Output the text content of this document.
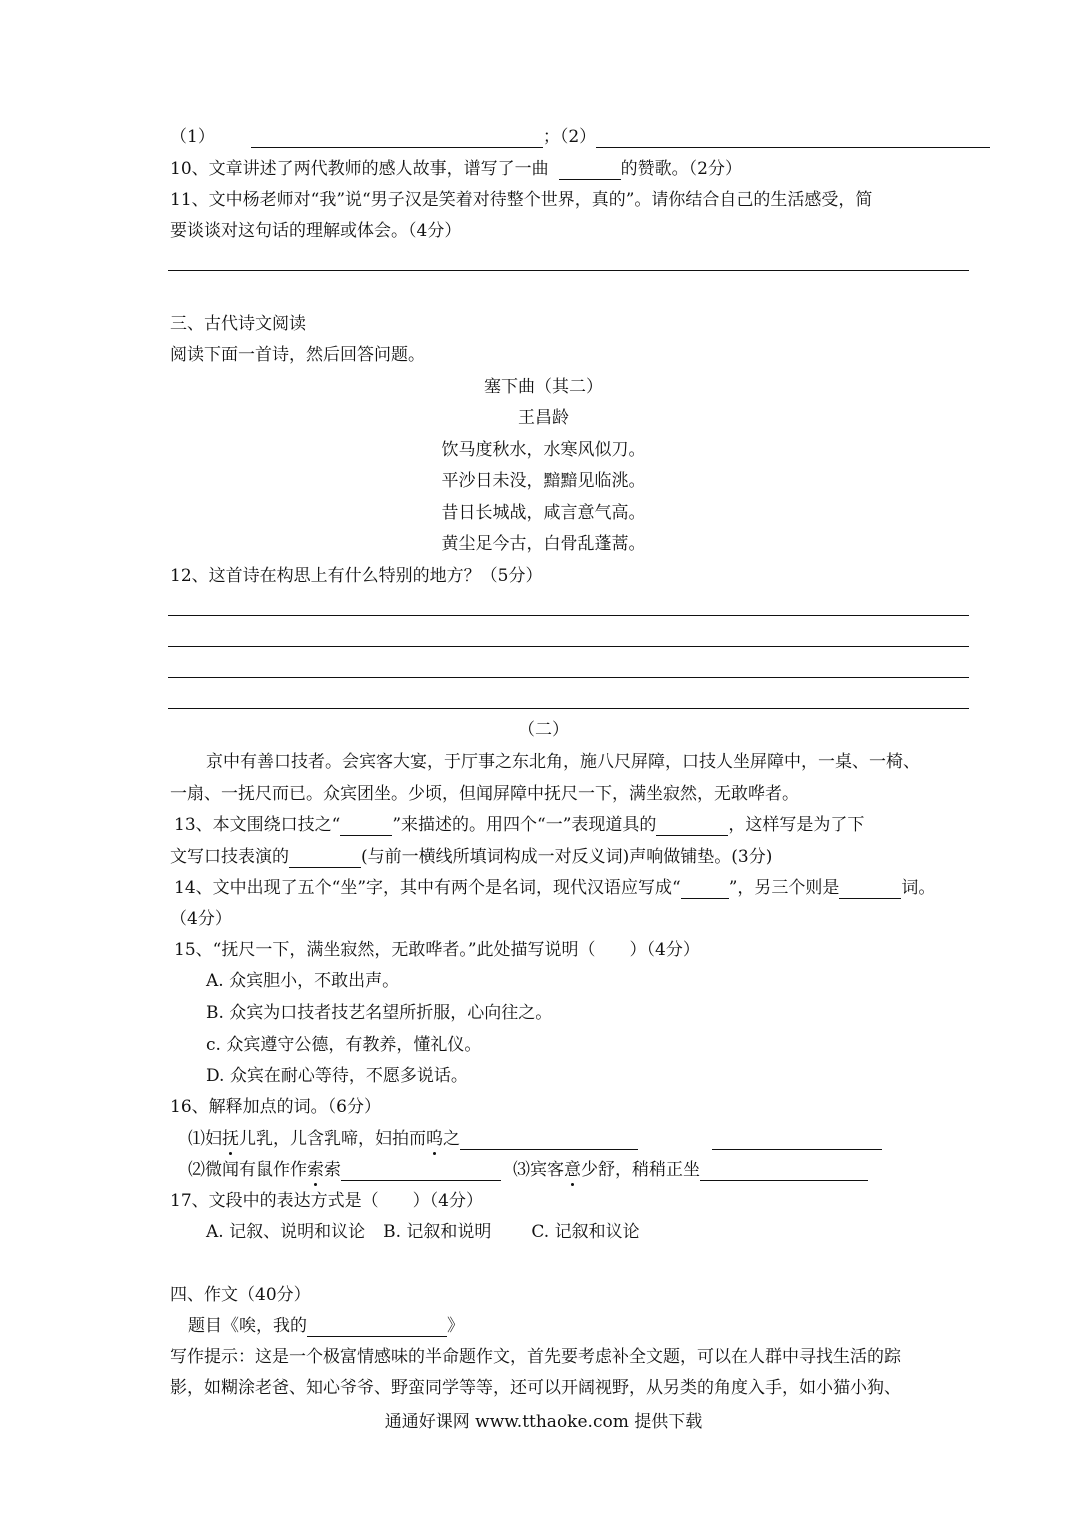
（1）	；（2）
10、文章讲述了两代教师的感人故事，谱写了一曲	的赞歌。（2分）
11、文中杨老师对“我”说“男子汉是笑着对待整个世界，真的”。请你结合自己的生活感受，简
要谈谈对这句话的理解或体会。（4分）
三、古代诗文阅读
阅读下面一首诗，然后回答问题。
塞下曲（其二）
王昌龄
饮马度秋水，水寒风似刀。
平沙日未没，黯黯见临洮。
昔日长城战，咸言意气高。
黄尘足今古，白骨乱蓬蒿。
12、这首诗在构思上有什么特别的地方？（5分）
（二）
京中有善口技者。会宾客大宴，于厅事之东北角，施八尺屏障，口技人坐屏障中，一桌、一椅、
一扇、一抚尺而已。众宾团坐。少顷，但闻屏障中抚尺一下，满坐寂然，无敢哗者。
13、本文围绕口技之“	”来描述的。用四个“一”表现道具的	，这样写是为了下
文写口技表演的	(与前一横线所填词构成一对反义词)声响做铺垫。(3分)
14、文中出现了五个“坐”字，其中有两个是名词，现代汉语应写成“	”，另三个则是	词。
（4分）
15、“抚尺一下，满坐寂然，无敢哗者。”此处描写说明（　　）（4分）
A. 众宾胆小，不敢出声。
B. 众宾为口技者技艺名望所折服，心向往之。
c. 众宾遵守公德，有教养，懂礼仪。
D. 众宾在耐心等待，不愿多说话。
16、解释加点的词。（6分）
⑴妇抚儿乳，儿含乳啼，妇拍而呜之
⑵微闻有鼠作作索索	⑶宾客意少舒，稍稍正坐
17、文段中的表达方式是（　　）（4分）
A. 记叙、说明和议论 B. 记叙和说明 C. 记叙和议论
四、作文（40分）
题目《唉，我的	》
写作提示：这是一个极富情感味的半命题作文，首先要考虑补全文题，可以在人群中寻找生活的踪
影，如糊涂老爸、知心爷爷、野蛮同学等等，还可以开阔视野，从另类的角度入手，如小猫小狗、
通通好课网 www.tthaoke.com 提供下载
